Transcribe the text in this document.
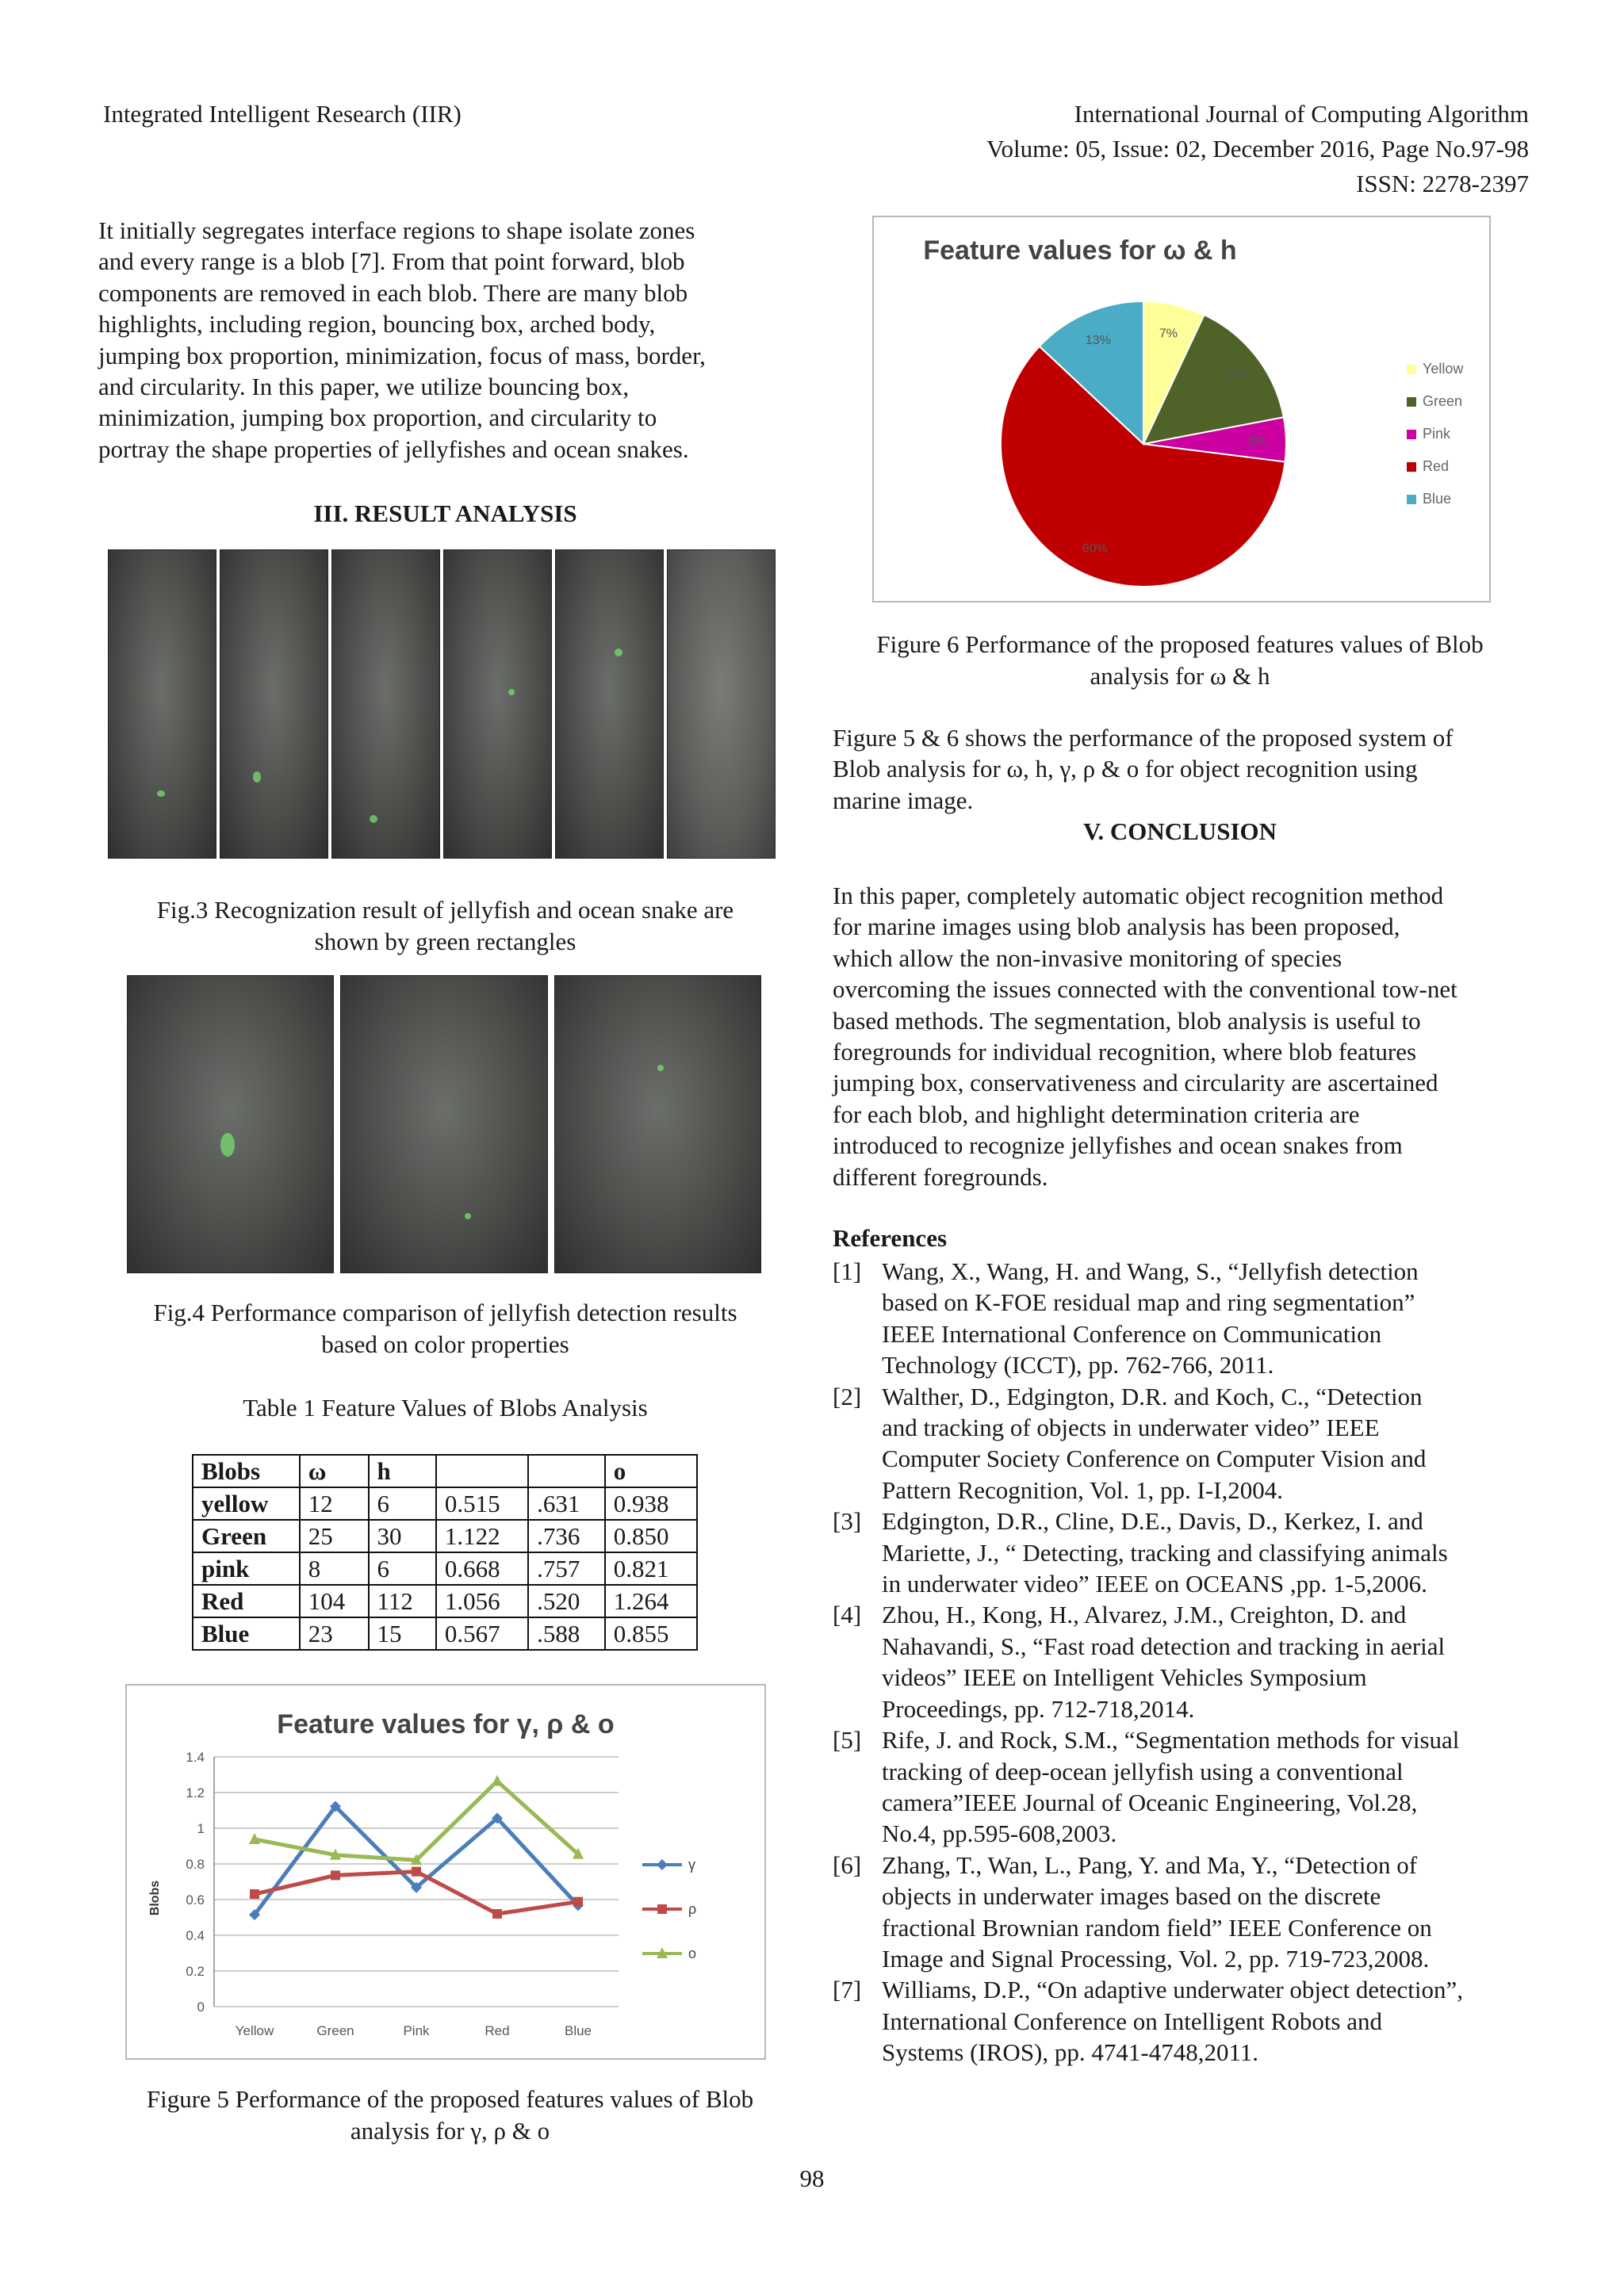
Integrated Intelligent Research (IIR)	International Journal of Computing Algorithm
Volume: 05, Issue: 02, December 2016, Page No.97-98
ISSN: 2278-2397
It initially segregates interface regions to shape isolate zones
and every range is a blob [7]. From that point forward, blob
components are removed in each blob. There are many blob
highlights, including region, bouncing box, arched body,
jumping box proportion, minimization, focus of mass, border,
and circularity. In this paper, we utilize bouncing box,
minimization, jumping box proportion, and circularity to
portray the shape properties of jellyfishes and ocean snakes.
III. RESULT ANALYSIS
Fig.3 Recognization result of jellyfish and ocean snake are
shown by green rectangles
Fig.4 Performance comparison of jellyfish detection results
based on color properties
Table 1 Feature Values of Blobs Analysis
Blobs	ω	h			o
yellow	12	6	0.515	.631	0.938
Green	25	30	1.122	.736	0.850
pink	8	6	0.668	.757	0.821
Red	104	112	1.056	.520	1.264
Blue	23	15	0.567	.588	0.855
Feature values for γ, ρ & o
Blobs
0
0.2
0.4
0.6
0.8
1
1.2
1.4
Yellow	Green	Pink	Red	Blue
γ
ρ
o
Figure 5 Performance of the proposed features values of Blob
analysis for γ, ρ & o
98
Feature values for ω & h
7%
15%
5%
60%
13%
Yellow
Green
Pink
Red
Blue
Figure 6 Performance of the proposed features values of Blob
analysis for ω & h
Figure 5 & 6 shows the performance of the proposed system of
Blob analysis for ω, h, γ, ρ & o for object recognition using
marine image.
V. CONCLUSION
In this paper, completely automatic object recognition method
for marine images using blob analysis has been proposed,
which allow the non-invasive monitoring of species
overcoming the issues connected with the conventional tow-net
based methods. The segmentation, blob analysis is useful to
foregrounds for individual recognition, where blob features
jumping box, conservativeness and circularity are ascertained
for each blob, and highlight determination criteria are
introduced to recognize jellyfishes and ocean snakes from
different foregrounds.
References
[1] Wang, X., Wang, H. and Wang, S., “Jellyfish detection
based on K-FOE residual map and ring segmentation”
IEEE International Conference on Communication
Technology (ICCT), pp. 762-766, 2011.
[2] Walther, D., Edgington, D.R. and Koch, C., “Detection
and tracking of objects in underwater video” IEEE
Computer Society Conference on Computer Vision and
Pattern Recognition, Vol. 1, pp. I-I,2004.
[3] Edgington, D.R., Cline, D.E., Davis, D., Kerkez, I. and
Mariette, J., “ Detecting, tracking and classifying animals
in underwater video” IEEE on OCEANS ,pp. 1-5,2006.
[4] Zhou, H., Kong, H., Alvarez, J.M., Creighton, D. and
Nahavandi, S., “Fast road detection and tracking in aerial
videos” IEEE on Intelligent Vehicles Symposium
Proceedings, pp. 712-718,2014.
[5] Rife, J. and Rock, S.M., “Segmentation methods for visual
tracking of deep-ocean jellyfish using a conventional
camera”IEEE Journal of Oceanic Engineering, Vol.28,
No.4, pp.595-608,2003.
[6] Zhang, T., Wan, L., Pang, Y. and Ma, Y., “Detection of
objects in underwater images based on the discrete
fractional Brownian random field” IEEE Conference on
Image and Signal Processing, Vol. 2, pp. 719-723,2008.
[7] Williams, D.P., “On adaptive underwater object detection”,
International Conference on Intelligent Robots and
Systems (IROS), pp. 4741-4748,2011.
